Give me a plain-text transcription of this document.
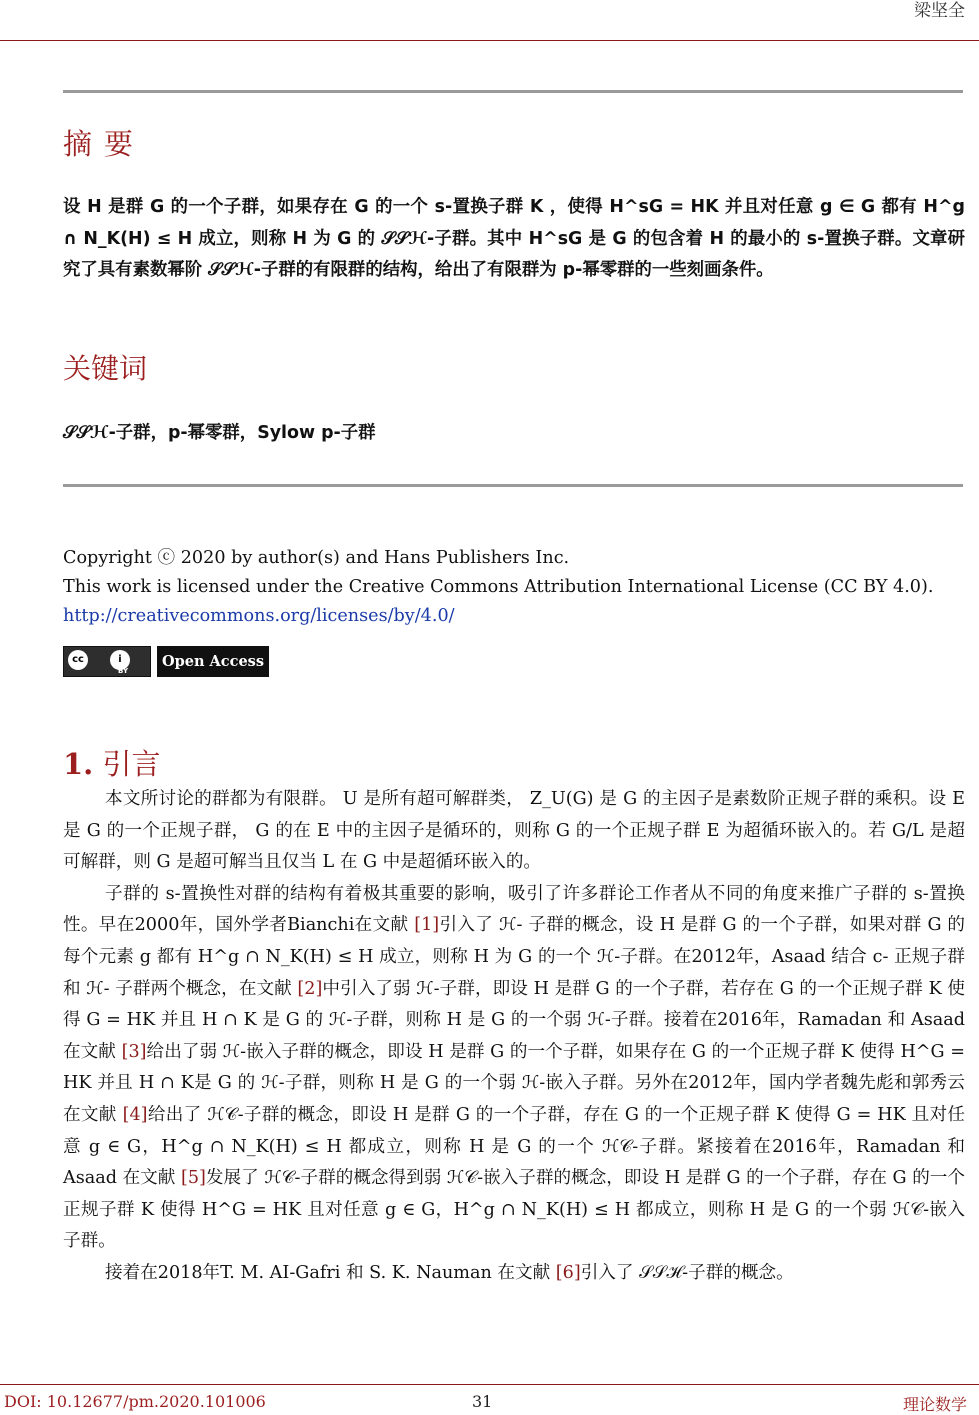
梁坚全
摘要
设 H 是群 G 的一个子群，如果存在 G 的一个 s-置换子群 K ，使得 H^sG = HK 并且对任意 g ∈ G 都有 H^g ∩ N_K(H) ≤ H 成立，则称 H 为 G 的 𝒮𝒮ℋ-子群。其中 H^sG 是 G 的包含着 H 的最小的 s-置换子群。文章研究了具有素数幂阶 𝒮𝒮ℋ-子群的有限群的结构，给出了有限群为 p-幂零群的一些刻画条件。
关键词
𝒮𝒮ℋ-子群，p-幂零群，Sylow p-子群
Copyright ⓒ 2020 by author(s) and Hans Publishers Inc.
This work is licensed under the Creative Commons Attribution International License (CC BY 4.0).
http://creativecommons.org/licenses/by/4.0/
cc	i
BY
Open Access
1. 引言

本文所讨论的群都为有限群。 U 是所有超可解群类， Z_U(G) 是 G 的主因子是素数阶正规子群的乘积。设 E 是 G 的一个正规子群， G 的在 E 中的主因子是循环的，则称 G 的一个正规子群 E 为超循环嵌入的。若 G/L 是超可解群，则 G 是超可解当且仅当 L 在 G 中是超循环嵌入的。

子群的 s-置换性对群的结构有着极其重要的影响，吸引了许多群论工作者从不同的角度来推广子群的 s-置换性。早在2000年，国外学者Bianchi在文献 [1]引入了 ℋ- 子群的概念，设 H 是群 G 的一个子群，如果对群 G 的每个元素 g 都有 H^g ∩ N_K(H) ≤ H 成立，则称 H 为 G 的一个 ℋ-子群。在2012年，Asaad 结合 c- 正规子群和 ℋ- 子群两个概念，在文献 [2]中引入了弱 ℋ-子群，即设 H 是群 G 的一个子群，若存在 G 的一个正规子群 K 使得 G = HK 并且 H ∩ K 是 G 的 ℋ-子群，则称 H 是 G 的一个弱 ℋ-子群。接着在2016年，Ramadan 和 Asaad 在文献 [3]给出了弱 ℋ-嵌入子群的概念，即设 H 是群 G 的一个子群，如果存在 G 的一个正规子群 K 使得 H^G = HK 并且 H ∩ K是 G 的 ℋ-子群，则称 H 是 G 的一个弱 ℋ-嵌入子群。另外在2012年，国内学者魏先彪和郭秀云在文献 [4]给出了 ℋ𝒞-子群的概念，即设 H 是群 G 的一个子群，存在 G 的一个正规子群 K 使得 G = HK 且对任意 g ∈ G，H^g ∩ N_K(H) ≤ H 都成立，则称 H 是 G 的一个 ℋ𝒞-子群。紧接着在2016年，Ramadan 和 Asaad 在文献 [5]发展了 ℋ𝒞-子群的概念得到弱 ℋ𝒞-嵌入子群的概念，即设 H 是群 G 的一个子群，存在 G 的一个正规子群 K 使得 H^G = HK 且对任意 g ∈ G，H^g ∩ N_K(H) ≤ H 都成立，则称 H 是 G 的一个弱 ℋ𝒞-嵌入子群。

接着在2018年T. M. AI-Gafri 和 S. K. Nauman 在文献 [6]引入了 𝒮𝒮ℋ-子群的概念。

DOI: 10.12677/pm.2020.101006	31	理论数学
